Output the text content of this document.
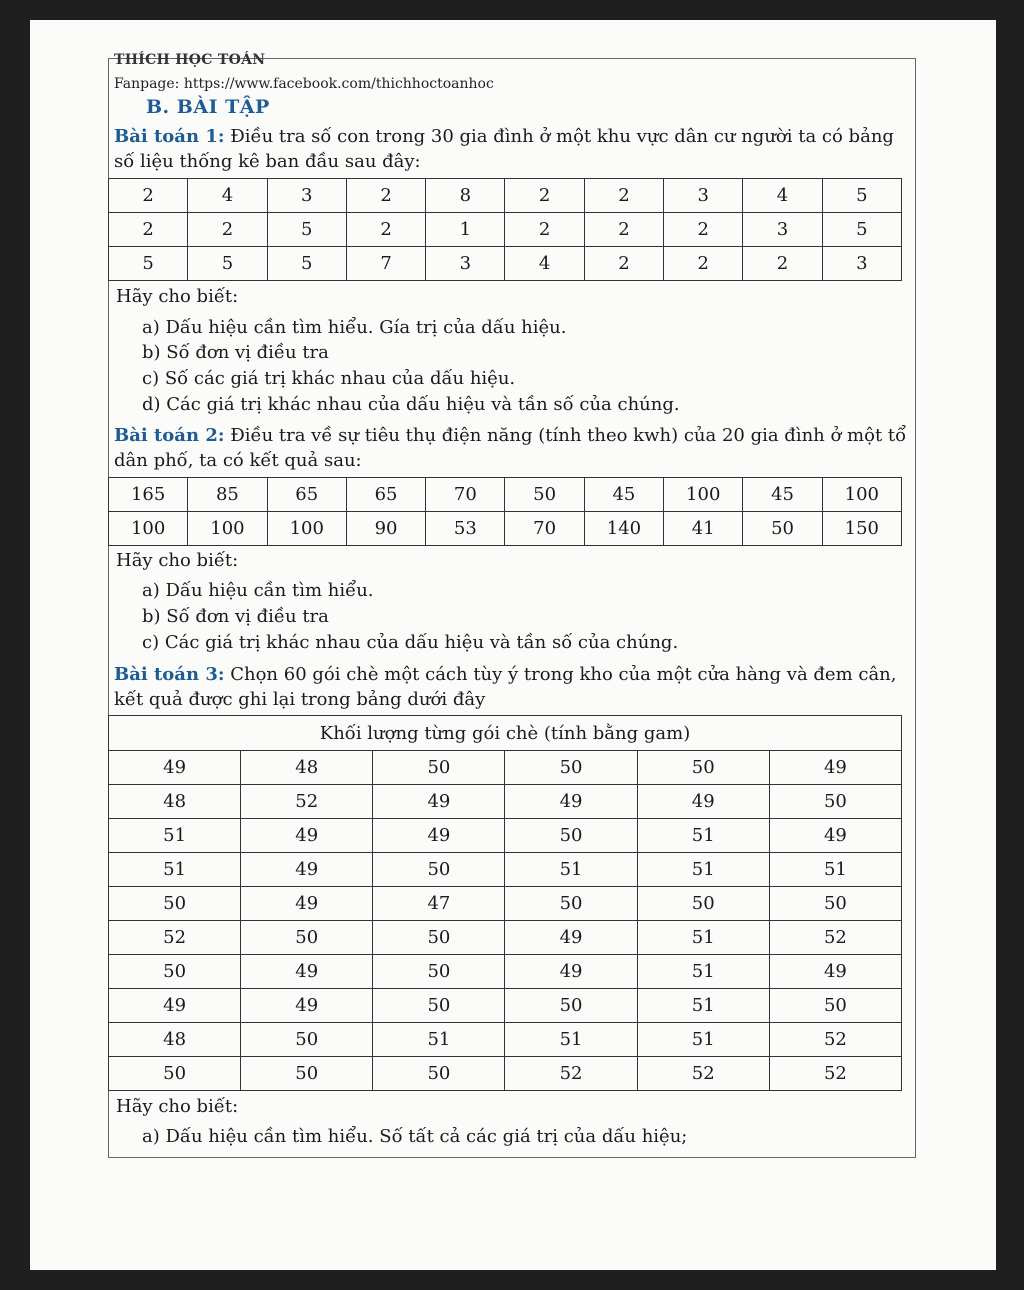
THÍCH HỌC TOÁN
Fanpage: https://www.facebook.com/thichhoctoanhoc
B. BÀI TẬP
Bài toán 1: Điều tra số con trong 30 gia đình ở một khu vực dân cư người ta có bảng số liệu thống kê ban đầu sau đây:
2	4	3	2	8	2	2	3	4	5
2	2	5	2	1	2	2	2	3	5
5	5	5	7	3	4	2	2	2	3
Hãy cho biết:
a) Dấu hiệu cần tìm hiểu. Gía trị của dấu hiệu.
b) Số đơn vị điều tra
c) Số các giá trị khác nhau của dấu hiệu.
d) Các giá trị khác nhau của dấu hiệu và tần số của chúng.
Bài toán 2: Điều tra về sự tiêu thụ điện năng (tính theo kwh) của 20 gia đình ở một tổ dân phố, ta có kết quả sau:
165	85	65	65	70	50	45	100	45	100
100	100	100	90	53	70	140	41	50	150
Hãy cho biết:
a) Dấu hiệu cần tìm hiểu.
b) Số đơn vị điều tra
c) Các giá trị khác nhau của dấu hiệu và tần số của chúng.
Bài toán 3: Chọn 60 gói chè một cách tùy ý trong kho của một cửa hàng và đem cân, kết quả được ghi lại trong bảng dưới đây
Khối lượng từng gói chè (tính bằng gam)					
49	48	50	50	50	49
48	52	49	49	49	50
51	49	49	50	51	49
51	49	50	51	51	51
50	49	47	50	50	50
52	50	50	49	51	52
50	49	50	49	51	49
49	49	50	50	51	50
48	50	51	51	51	52
50	50	50	52	52	52
Hãy cho biết:
a) Dấu hiệu cần tìm hiểu. Số tất cả các giá trị của dấu hiệu;
